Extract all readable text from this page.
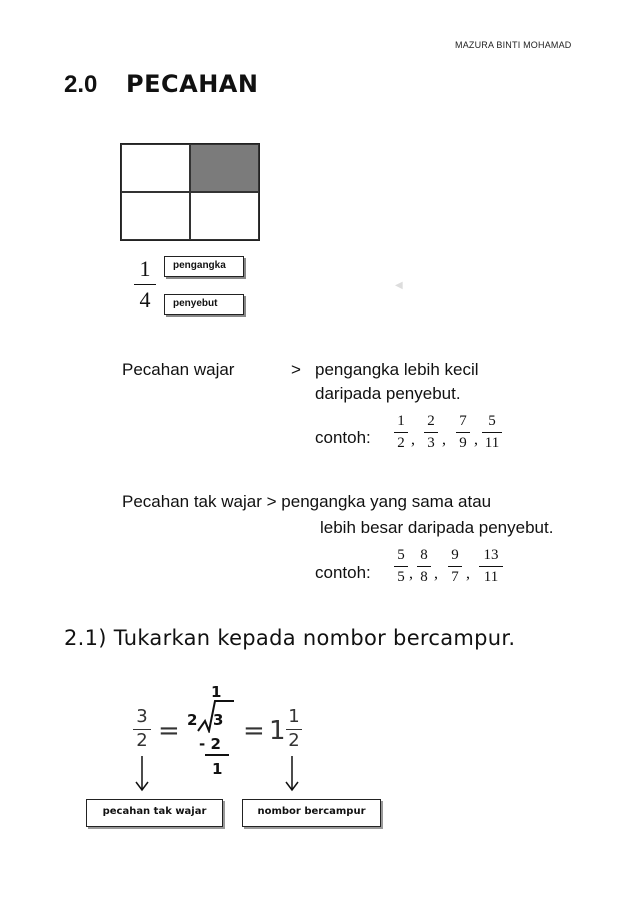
MAZURA BINTI MOHAMAD
2.0 PECAHAN
1
4
pengangka
penyebut
◀
Pecahan wajar	> pengangka lebih kecil
daripada penyebut.
contoh:
1
2 ,
2
3 ,
7
9 ,
5
11
Pecahan tak wajar > pengangka yang sama atau
lebih besar daripada penyebut.
contoh:
5
5 ,
8
8 ,
9
7 ,
13
11
2.1) Tukarkan kepada nombor bercampur.
3
2 =
1
2 3
- 2
1
= 1 1
2
pecahan tak wajar	nombor bercampur
